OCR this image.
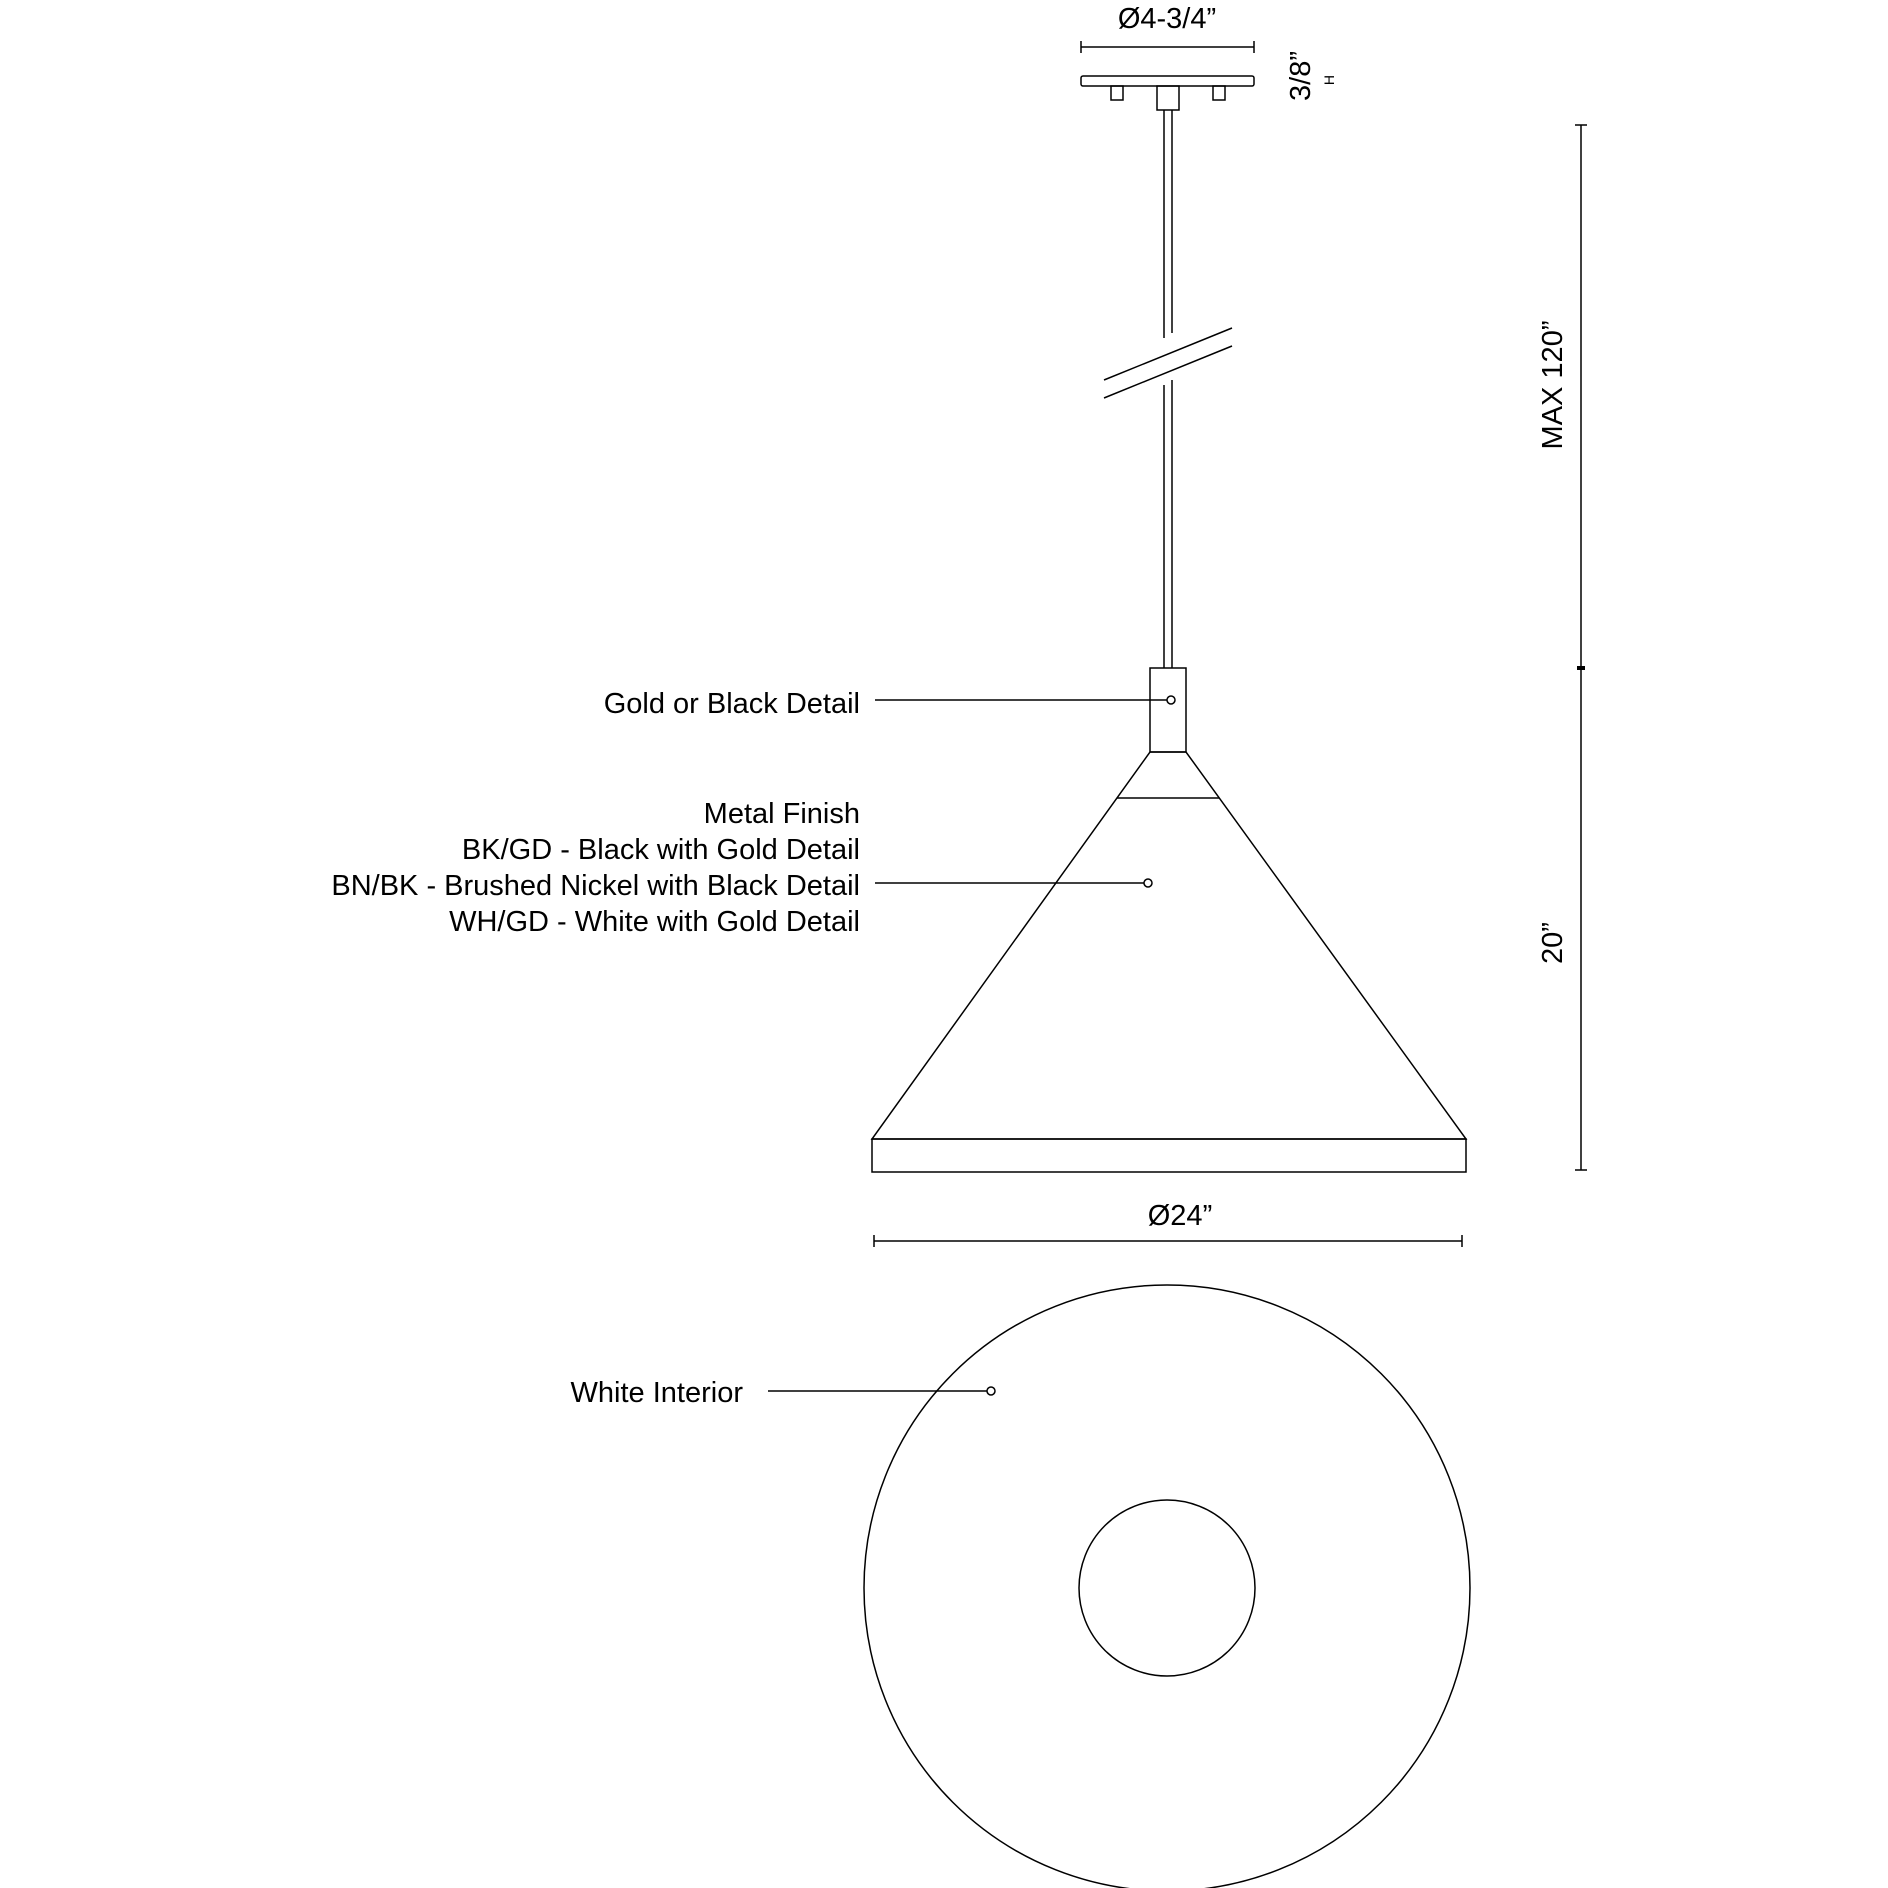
Ø4-3/4”
3/8” H
Gold or Black Detail
Metal Finish
BK/GD - Black with Gold Detail
BN/BK - Brushed Nickel with Black Detail
WH/GD - White with Gold Detail
MAX 120”
20”
Ø24”
White Interior
